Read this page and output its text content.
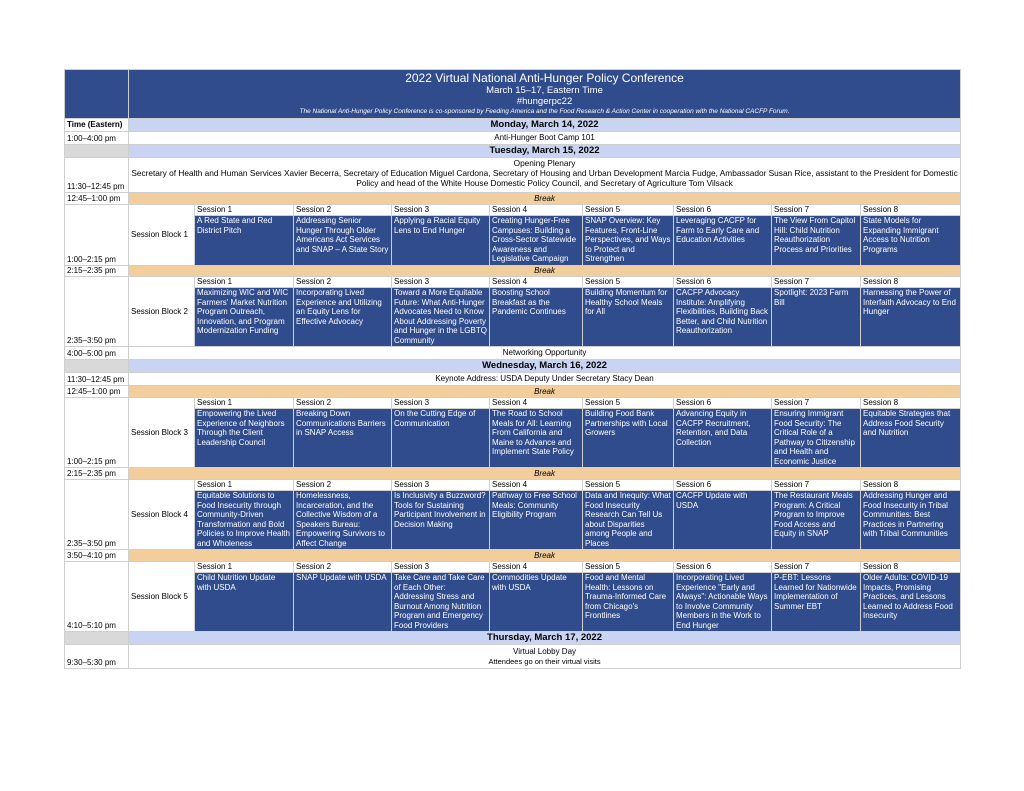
	2022 Virtual National Anti-Hunger Policy Conference
March 15–17, Eastern Time
#hungerpc22
The National Anti-Hunger Policy Conference is co-sponsored by Feeding America and the Food Research & Action Center in cooperation with the National CACFP Forum.								

Time (Eastern)	Monday, March 14, 2022								
1:00–4:00 pm	Anti-Hunger Boot Camp 101								
	Tuesday, March 15, 2022								
11:30–12:45 pm	Opening Plenary
Secretary of Health and Human Services Xavier Becerra, Secretary of Education Miguel Cardona, Secretary of Housing and Urban Development Marcia Fudge, Ambassador Susan Rice, assistant to the President for Domestic Policy and head of the White House Domestic Policy Council, and Secretary of Agriculture Tom Vilsack								

12:45–1:00 pm	Break								
1:00–2:15 pm	Session Block 1	Session 1	Session 2	Session 3	Session 4	Session 5	Session 6	Session 7	Session 8
		A Red State and Red District Pitch	Addressing Senior Hunger Through Older Americans Act Services and SNAP – A State Story	Applying a Racial Equity Lens to End Hunger	Creating Hunger-Free Campuses: Building a Cross-Sector Statewide Awareness and Legislative Campaign	SNAP Overview: Key Features, Front-Line Perspectives, and Ways to Protect and Strengthen	Leveraging CACFP for Farm to Early Care and Education Activities	The View From Capitol Hill: Child Nutrition Reauthorization Process and Priorities	State Models for Expanding Immigrant Access to Nutrition Programs
2:15–2:35 pm	Break								
2:35–3:50 pm	Session Block 2	Session 1	Session 2	Session 3	Session 4	Session 5	Session 6	Session 7	Session 8
		Maximizing WIC and WIC Farmers' Market Nutrition Program Outreach, Innovation, and Program Modernization Funding	Incorporating Lived Experience and Utilizing an Equity Lens for Effective Advocacy	Toward a More Equitable Future: What Anti-Hunger Advocates Need to Know About Addressing Poverty and Hunger in the LGBTQ Community	Boosting School Breakfast as the Pandemic Continues	Building Momentum for Healthy School Meals for All	CACFP Advocacy Institute: Amplifying Flexibilities, Building Back Better, and Child Nutrition Reauthorization	Spotlight: 2023 Farm Bill	Harnessing the Power of Interfaith Advocacy to End Hunger
4:00–5:00 pm	Networking Opportunity								
	Wednesday, March 16, 2022								
11:30–12:45 pm	Keynote Address: USDA Deputy Under Secretary Stacy Dean								
12:45–1:00 pm	Break								
1:00–2:15 pm	Session Block 3	Session 1	Session 2	Session 3	Session 4	Session 5	Session 6	Session 7	Session 8
		Empowering the Lived Experience of Neighbors Through the Client Leadership Council	Breaking Down Communications Barriers in SNAP Access	On the Cutting Edge of Communication	The Road to School Meals for All: Learning From California and Maine to Advance and Implement State Policy	Building Food Bank Partnerships with Local Growers	Advancing Equity in CACFP Recruitment, Retention, and Data Collection	Ensuring Immigrant Food Security: The Critical Role of a Pathway to Citizenship and Health and Economic Justice	Equitable Strategies that Address Food Security and Nutrition
2:15–2:35 pm	Break								
2:35–3:50 pm	Session Block 4	Session 1	Session 2	Session 3	Session 4	Session 5	Session 6	Session 7	Session 8
		Equitable Solutions to Food Insecurity through Community-Driven Transformation and Bold Policies to Improve Health and Wholeness	Homelessness, Incarceration, and the Collective Wisdom of a Speakers Bureau: Empowering Survivors to Affect Change	Is Inclusivity a Buzzword? Tools for Sustaining Participant Involvement in Decision Making	Pathway to Free School Meals: Community Eligibility Program	Data and Inequity: What Food Insecurity Research Can Tell Us about Disparities among People and Places	CACFP Update with USDA	The Restaurant Meals Program: A Critical Program to Improve Food Access and Equity in SNAP	Addressing Hunger and Food Insecurity in Tribal Communities: Best Practices in Partnering with Tribal Communities
3:50–4:10 pm	Break								
4:10–5:10 pm	Session Block 5	Session 1	Session 2	Session 3	Session 4	Session 5	Session 6	Session 7	Session 8
		Child Nutrition Update with USDA	SNAP Update with USDA	Take Care and Take Care of Each Other: Addressing Stress and Burnout Among Nutrition Program and Emergency Food Providers	Commodities Update with USDA	Food and Mental Health: Lessons on Trauma-Informed Care from Chicago's Frontlines	Incorporating Lived Experience "Early and Always": Actionable Ways to Involve Community Members in the Work to End Hunger	P-EBT: Lessons Learned for Nationwide Implementation of Summer EBT	Older Adults: COVID-19 Impacts, Promising Practices, and Lessons Learned to Address Food Insecurity
	Thursday, March 17, 2022								
9:30–5:30 pm	Virtual Lobby Day
Attendees go on their virtual visits								
